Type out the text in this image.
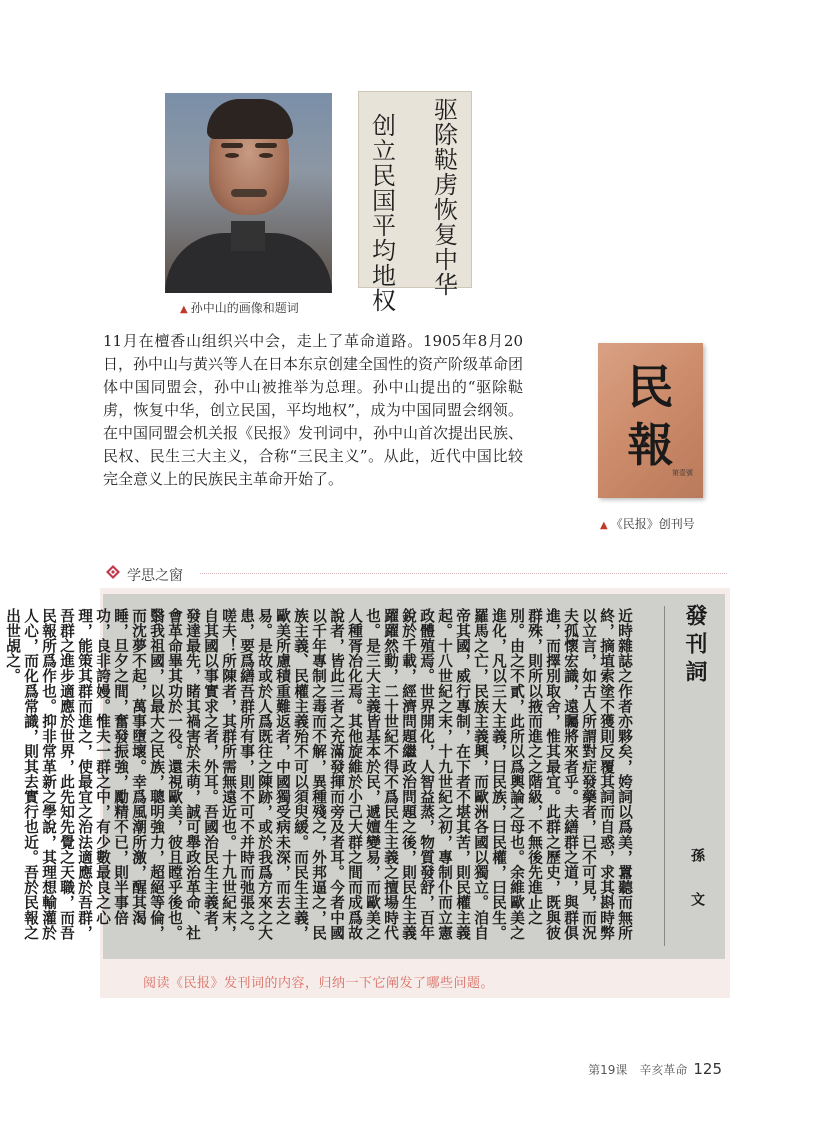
驱
除
鞑
虏
恢
复
中
华
创
立
民
国
平
均
地
权
▲ 孙中山的画像和题词

11月在檀香山组织兴中会，走上了革命道路。1905年8月20日，孙中山与黄兴等人在日本东京创建全国性的资产阶级革命团体中国同盟会，孙中山被推举为总理。孙中山提出的“驱除鞑虏，恢复中华，创立民国，平均地权”，成为中国同盟会纲领。在中国同盟会机关报《民报》发刊词中，孙中山首次提出民族、民权、民生三大主义，合称“三民主义”。从此，近代中国比较完全意义上的民族民主革命开始了。

民
報
第壹號
▲ 《民报》创刊号
学思之窗
發刊詞
孫文
近時雜誌之作者亦夥矣，姱詞以爲美，囂聽而無所終，摘埴索塗不獲則反覆其詞而自惑，求其斟時弊以立言，如古人所謂對症發藥者，已不可見，而況夫孤懷宏識，遠矚將來者乎。夫繕群之道，與群俱進，而擇別取舍，惟其最宜。此群之歷史，既與彼群殊，則所以掖而進之之階級，不無後先進止之別。由之不貳，此所以爲輿論之母也。余維歐美之進化，凡以三大主義，曰民族，曰民權，曰民生。羅馬之亡，民族主義興，而歐洲各國以獨立。洎自帝其國，威行專制，在下者不堪其苦，則民權主義起。十八世紀之末，十九世紀之初，專制仆而立憲政體殖焉。世界開化，人智益蒸，物質發舒，百年銳於千載，經濟問題繼政治問題之後，則民生主義躍躍然動，二十世紀不得不爲民生主義之擅場時代也。是三大主義皆基本於民，遞嬗變易，而歐美之人種胥冶化焉。其他旋維於小己大群之間而成爲故說者，皆此三者之充滿發揮而旁及者耳。今者中國以千年專制之毒而不解，異種殘之，外邦逼之，民族主義、民權主義殆不可以須臾緩。而民生主義，歐美所慮積重難返者，中國獨受病未深，而去之易。是故或於人爲既往之陳跡，或於我爲方來之大患，要爲繕吾群所有事，則不可不并時而弛張之。嗟夫！所陳者，其群所需無遠近也。十九世紀末，自其國以事實求之者，外耳。吾國治民生主義者，發達最先，睹其禍害於未萌，誠可舉政治革命、社會革命畢其功於一役。還視歐美，彼且瞠乎後也。翳我祖國，以最大之民族，聰明強力，超絕等倫，而沈夢不起，萬事墮壞。幸爲風潮所激，醒其渴睡，旦夕之間，奮發振強，勵精不已，則半事倍功，良非誇嫚。惟夫一群之中，有少數最良之心理，能策其群而進之，使最宜之治法適應於吾群，吾群之進步適應於世界，此先知先覺之天職，而吾民報所爲作也。抑非常革新之學說，其理想輸灌於人心，而化爲常識，則其去實行也近。吾於民報之出世覘之。
阅读《民报》发刊词的内容，归纳一下它阐发了哪些问题。
第19课　辛亥革命 125
